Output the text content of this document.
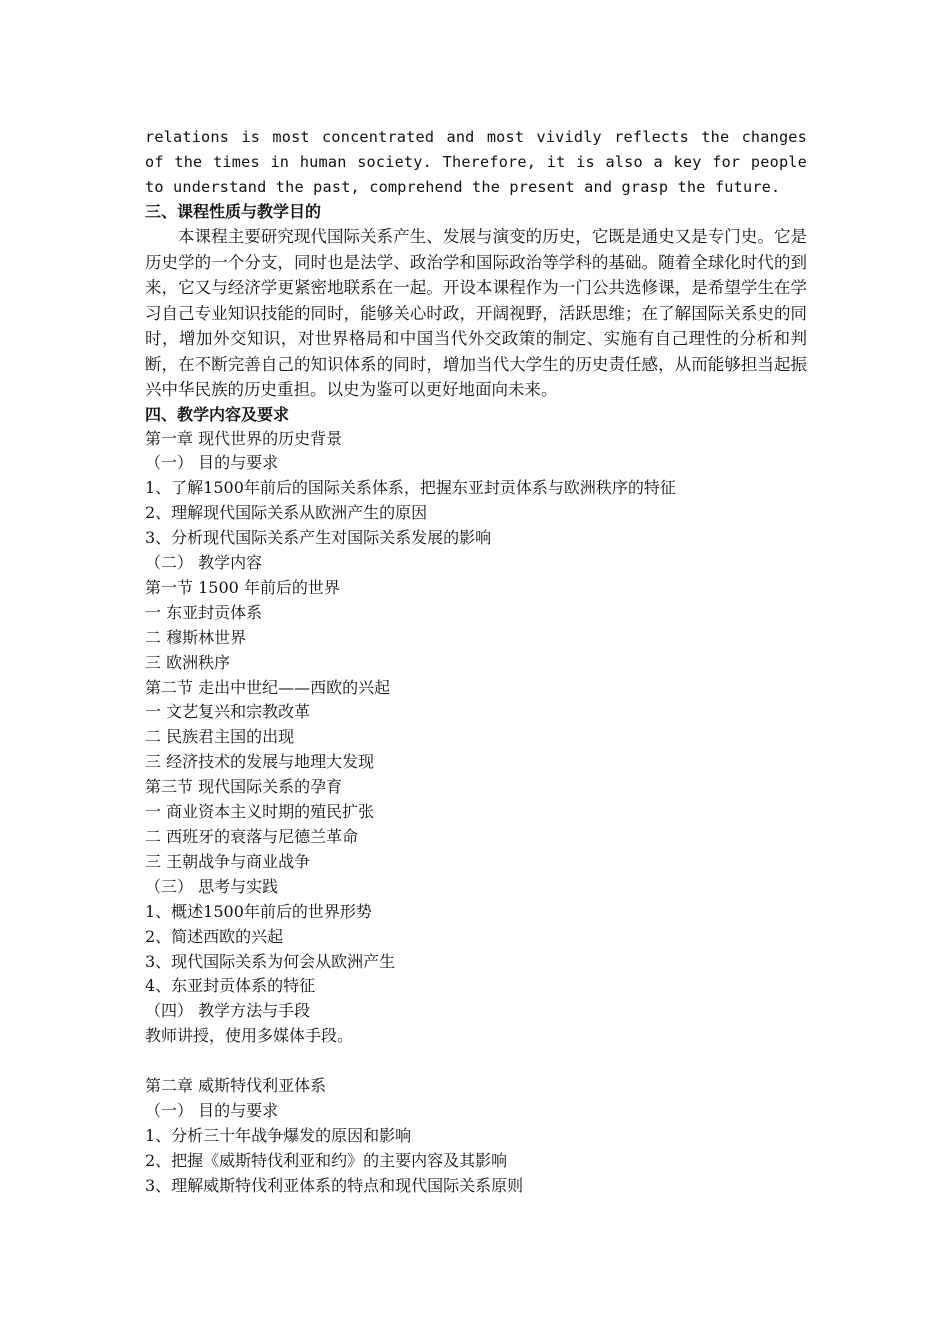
relations is most concentrated and most vividly reflects the changes of the times in human society. Therefore, it is also a key for people to understand the past, comprehend the present and grasp the future.

三、课程性质与教学目的

本课程主要研究现代国际关系产生、发展与演变的历史，它既是通史又是专门史。它是历史学的一个分支，同时也是法学、政治学和国际政治等学科的基础。随着全球化时代的到来，它又与经济学更紧密地联系在一起。开设本课程作为一门公共选修课，是希望学生在学习自己专业知识技能的同时，能够关心时政，开阔视野，活跃思维；在了解国际关系史的同时，增加外交知识，对世界格局和中国当代外交政策的制定、实施有自己理性的分析和判断，在不断完善自己的知识体系的同时，增加当代大学生的历史责任感，从而能够担当起振兴中华民族的历史重担。以史为鉴可以更好地面向未来。

四、教学内容及要求

第一章 现代世界的历史背景

（一） 目的与要求

1、了解1500年前后的国际关系体系，把握东亚封贡体系与欧洲秩序的特征

2、理解现代国际关系从欧洲产生的原因

3、分析现代国际关系产生对国际关系发展的影响

（二） 教学内容

第一节 1500 年前后的世界

一 东亚封贡体系

二 穆斯林世界

三 欧洲秩序

第二节 走出中世纪——西欧的兴起

一 文艺复兴和宗教改革

二 民族君主国的出现

三 经济技术的发展与地理大发现

第三节 现代国际关系的孕育

一 商业资本主义时期的殖民扩张

二 西班牙的衰落与尼德兰革命

三 王朝战争与商业战争

（三） 思考与实践

1、概述1500年前后的世界形势

2、简述西欧的兴起

3、现代国际关系为何会从欧洲产生

4、东亚封贡体系的特征

（四） 教学方法与手段

教师讲授，使用多媒体手段。

第二章 威斯特伐利亚体系

（一） 目的与要求

1、分析三十年战争爆发的原因和影响

2、把握《威斯特伐利亚和约》的主要内容及其影响

3、理解威斯特伐利亚体系的特点和现代国际关系原则
